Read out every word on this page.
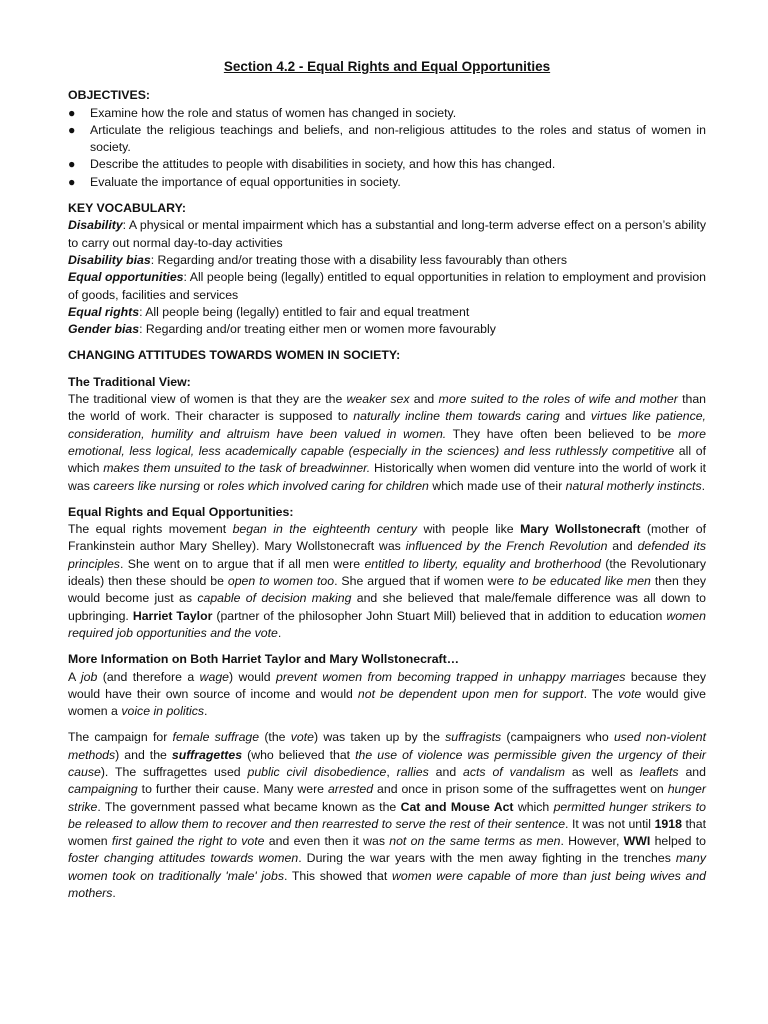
Section 4.2 - Equal Rights and Equal Opportunities
OBJECTIVES:
● Examine how the role and status of women has changed in society.
● Articulate the religious teachings and beliefs, and non-religious attitudes to the roles and status of women in society.
● Describe the attitudes to people with disabilities in society, and how this has changed.
● Evaluate the importance of equal opportunities in society.
KEY VOCABULARY:

Disability: A physical or mental impairment which has a substantial and long-term adverse effect on a person’s ability to carry out normal day-to-day activities

Disability bias: Regarding and/or treating those with a disability less favourably than others

Equal opportunities: All people being (legally) entitled to equal opportunities in relation to employment and provision of goods, facilities and services

Equal rights: All people being (legally) entitled to fair and equal treatment

Gender bias: Regarding and/or treating either men or women more favourably

CHANGING ATTITUDES TOWARDS WOMEN IN SOCIETY:
The Traditional View:

The traditional view of women is that they are the weaker sex and more suited to the roles of wife and mother than the world of work. Their character is supposed to naturally incline them towards caring and virtues like patience, consideration, humility and altruism have been valued in women. They have often been believed to be more emotional, less logical, less academically capable (especially in the sciences) and less ruthlessly competitive all of which makes them unsuited to the task of breadwinner. Historically when women did venture into the world of work it was careers like nursing or roles which involved caring for children which made use of their natural motherly instincts.

Equal Rights and Equal Opportunities:

The equal rights movement began in the eighteenth century with people like Mary Wollstonecraft (mother of Frankinstein author Mary Shelley). Mary Wollstonecraft was influenced by the French Revolution and defended its principles. She went on to argue that if all men were entitled to liberty, equality and brotherhood (the Revolutionary ideals) then these should be open to women too. She argued that if women were to be educated like men then they would become just as capable of decision making and she believed that male/female difference was all down to upbringing. Harriet Taylor (partner of the philosopher John Stuart Mill) believed that in addition to education women required job opportunities and the vote.

More Information on Both Harriet Taylor and Mary Wollstonecraft…

A job (and therefore a wage) would prevent women from becoming trapped in unhappy marriages because they would have their own source of income and would not be dependent upon men for support. The vote would give women a voice in politics.

The campaign for female suffrage (the vote) was taken up by the suffragists (campaigners who used non-violent methods) and the suffragettes (who believed that the use of violence was permissible given the urgency of their cause). The suffragettes used public civil disobedience, rallies and acts of vandalism as well as leaflets and campaigning to further their cause. Many were arrested and once in prison some of the suffragettes went on hunger strike. The government passed what became known as the Cat and Mouse Act which permitted hunger strikers to be released to allow them to recover and then rearrested to serve the rest of their sentence. It was not until 1918 that women first gained the right to vote and even then it was not on the same terms as men. However, WWI helped to foster changing attitudes towards women. During the war years with the men away fighting in the trenches many women took on traditionally 'male' jobs. This showed that women were capable of more than just being wives and mothers.
